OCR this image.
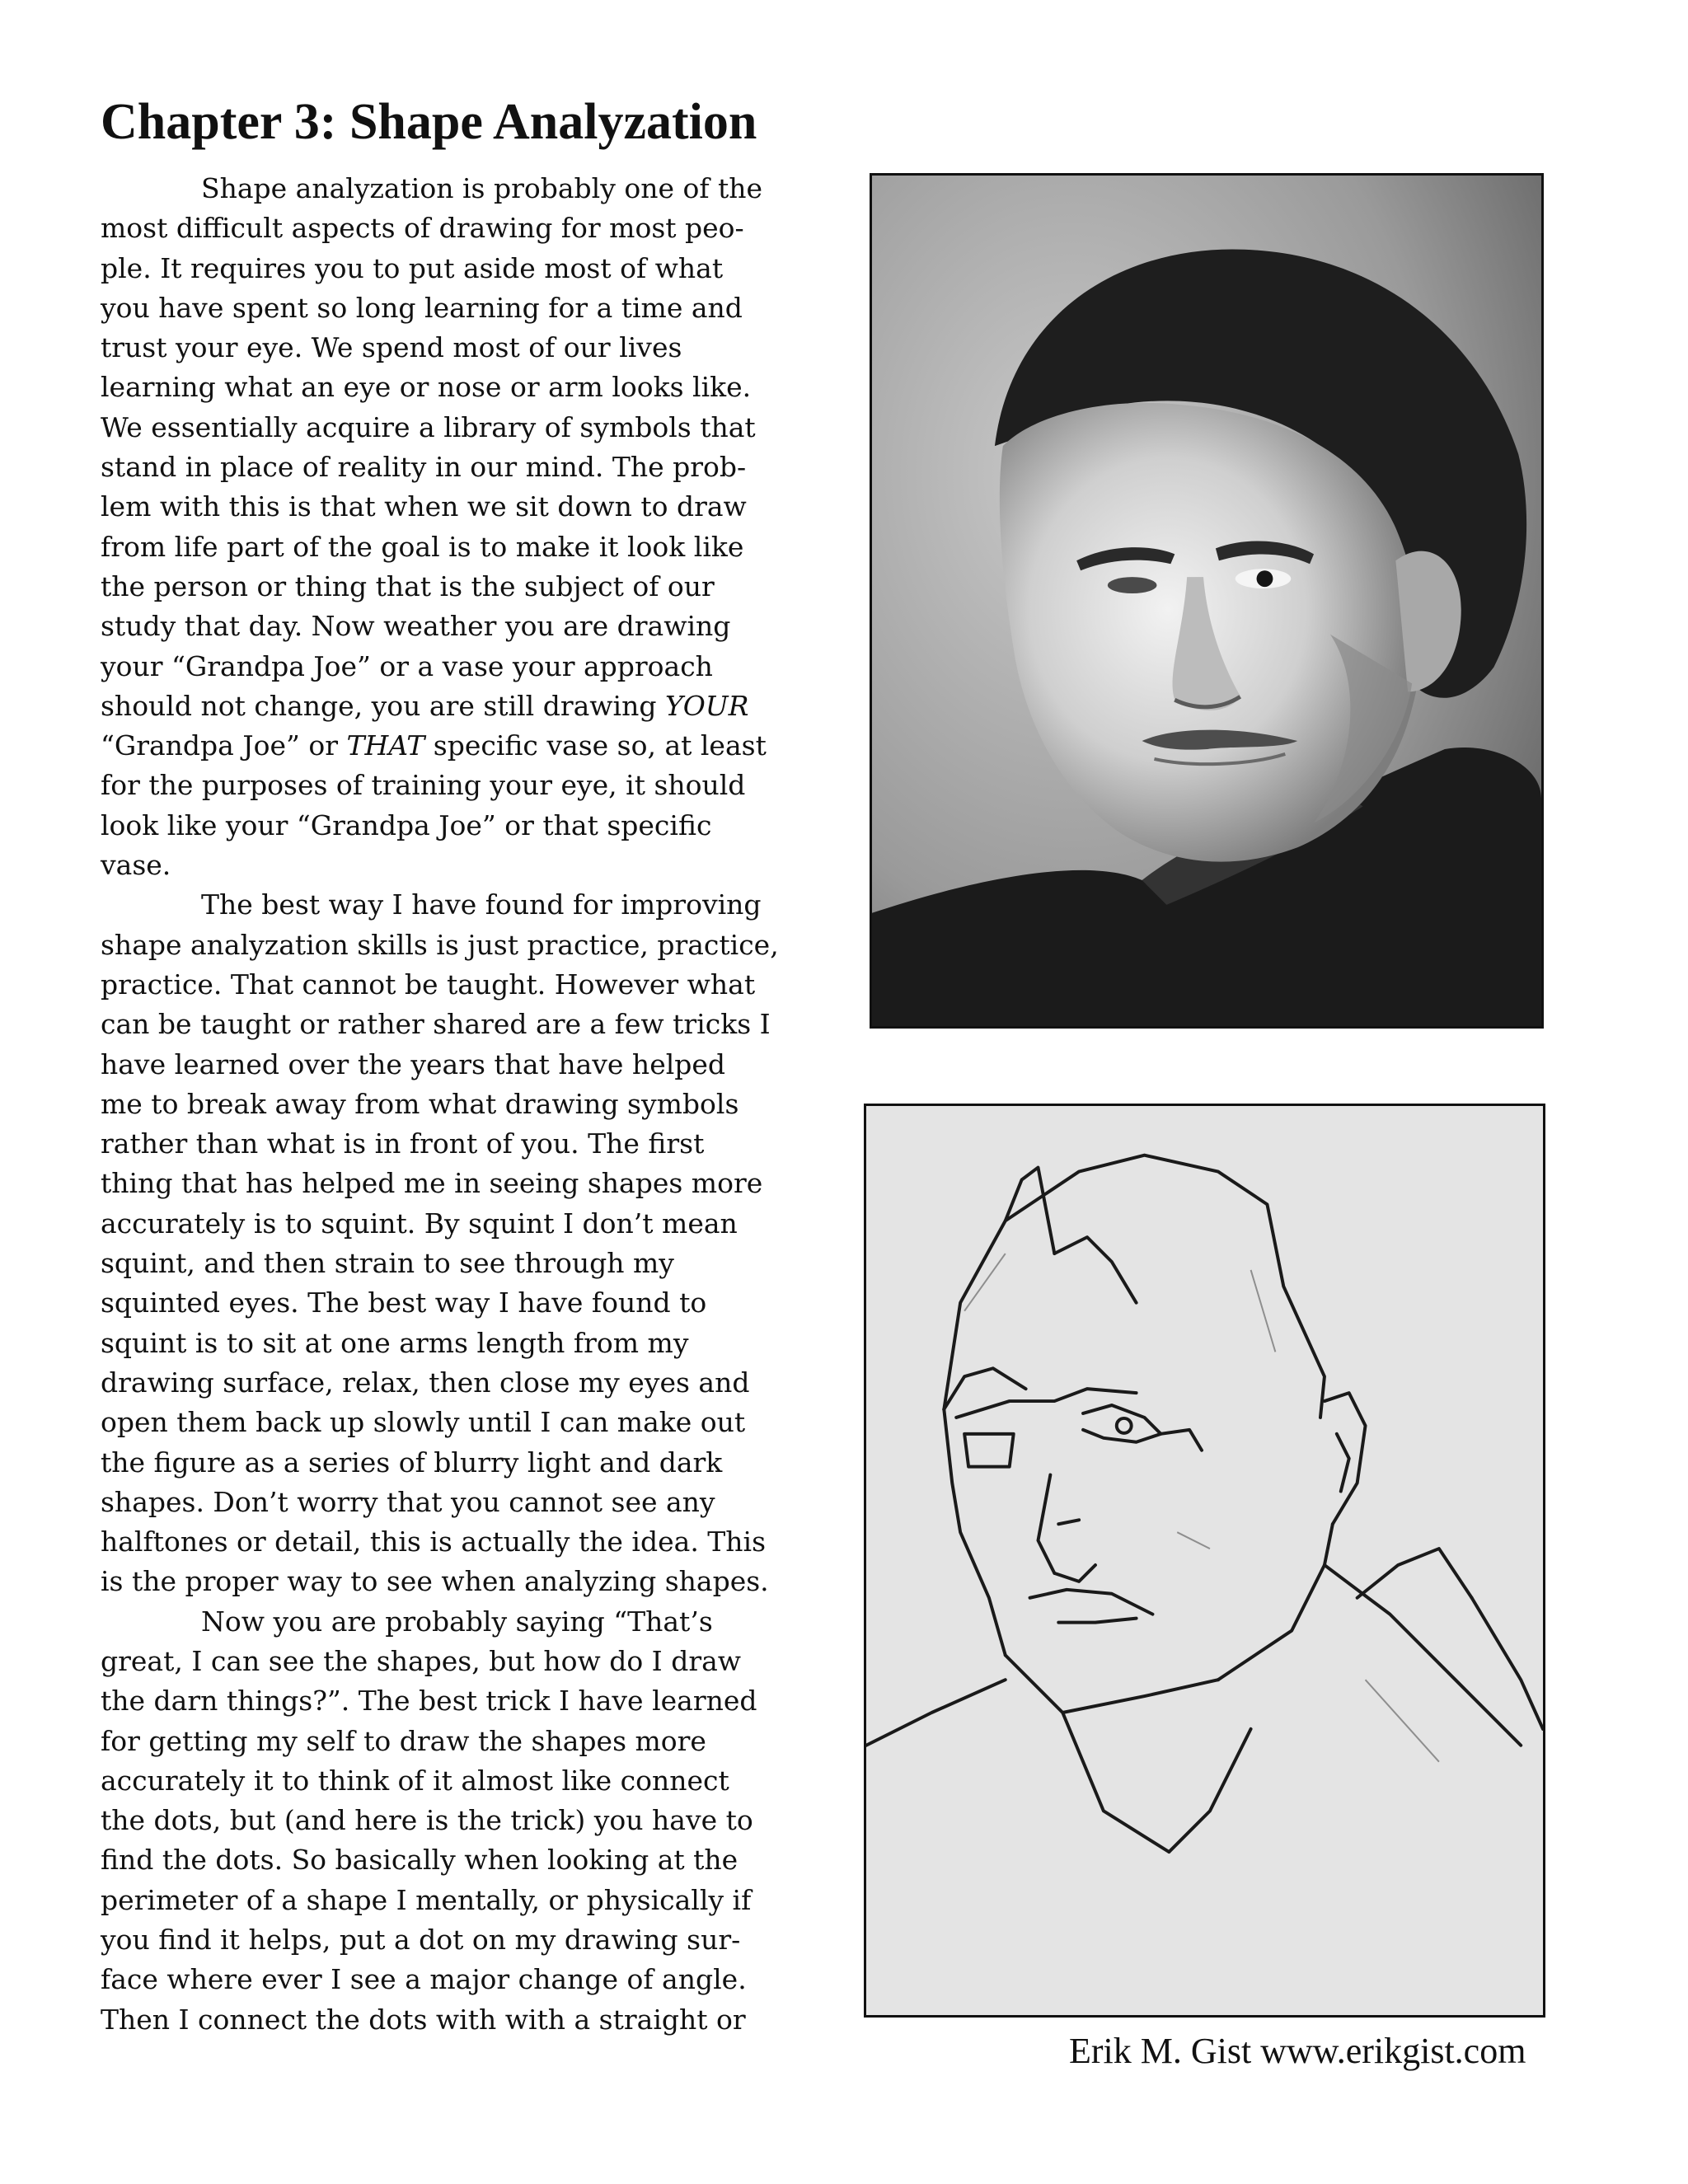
Chapter 3: Shape Analyzation
Shape analyzation is probably one of the
most difficult aspects of drawing for most peo-
ple. It requires you to put aside most of what
you have spent so long learning for a time and
trust your eye. We spend most of our lives
learning what an eye or nose or arm looks like.
We essentially acquire a library of symbols that
stand in place of reality in our mind. The prob-
lem with this is that when we sit down to draw
from life part of the goal is to make it look like
the person or thing that is the subject of our
study that day. Now weather you are drawing
your “Grandpa Joe” or a vase your approach
should not change, you are still drawing YOUR
“Grandpa Joe” or THAT specific vase so, at least
for the purposes of training your eye, it should
look like your “Grandpa Joe” or that specific
vase.
The best way I have found for improving
shape analyzation skills is just practice, practice,
practice. That cannot be taught. However what
can be taught or rather shared are a few tricks I
have learned over the years that have helped
me to break away from what drawing symbols
rather than what is in front of you. The first
thing that has helped me in seeing shapes more
accurately is to squint. By squint I don’t mean
squint, and then strain to see through my
squinted eyes. The best way I have found to
squint is to sit at one arms length from my
drawing surface, relax, then close my eyes and
open them back up slowly until I can make out
the figure as a series of blurry light and dark
shapes. Don’t worry that you cannot see any
halftones or detail, this is actually the idea. This
is the proper way to see when analyzing shapes.
Now you are probably saying “That’s
great, I can see the shapes, but how do I draw
the darn things?”. The best trick I have learned
for getting my self to draw the shapes more
accurately it to think of it almost like connect
the dots, but (and here is the trick) you have to
find the dots. So basically when looking at the
perimeter of a shape I mentally, or physically if
you find it helps, put a dot on my drawing sur-
face where ever I see a major change of angle.
Then I connect the dots with with a straight or
Erik M. Gist www.erikgist.com
